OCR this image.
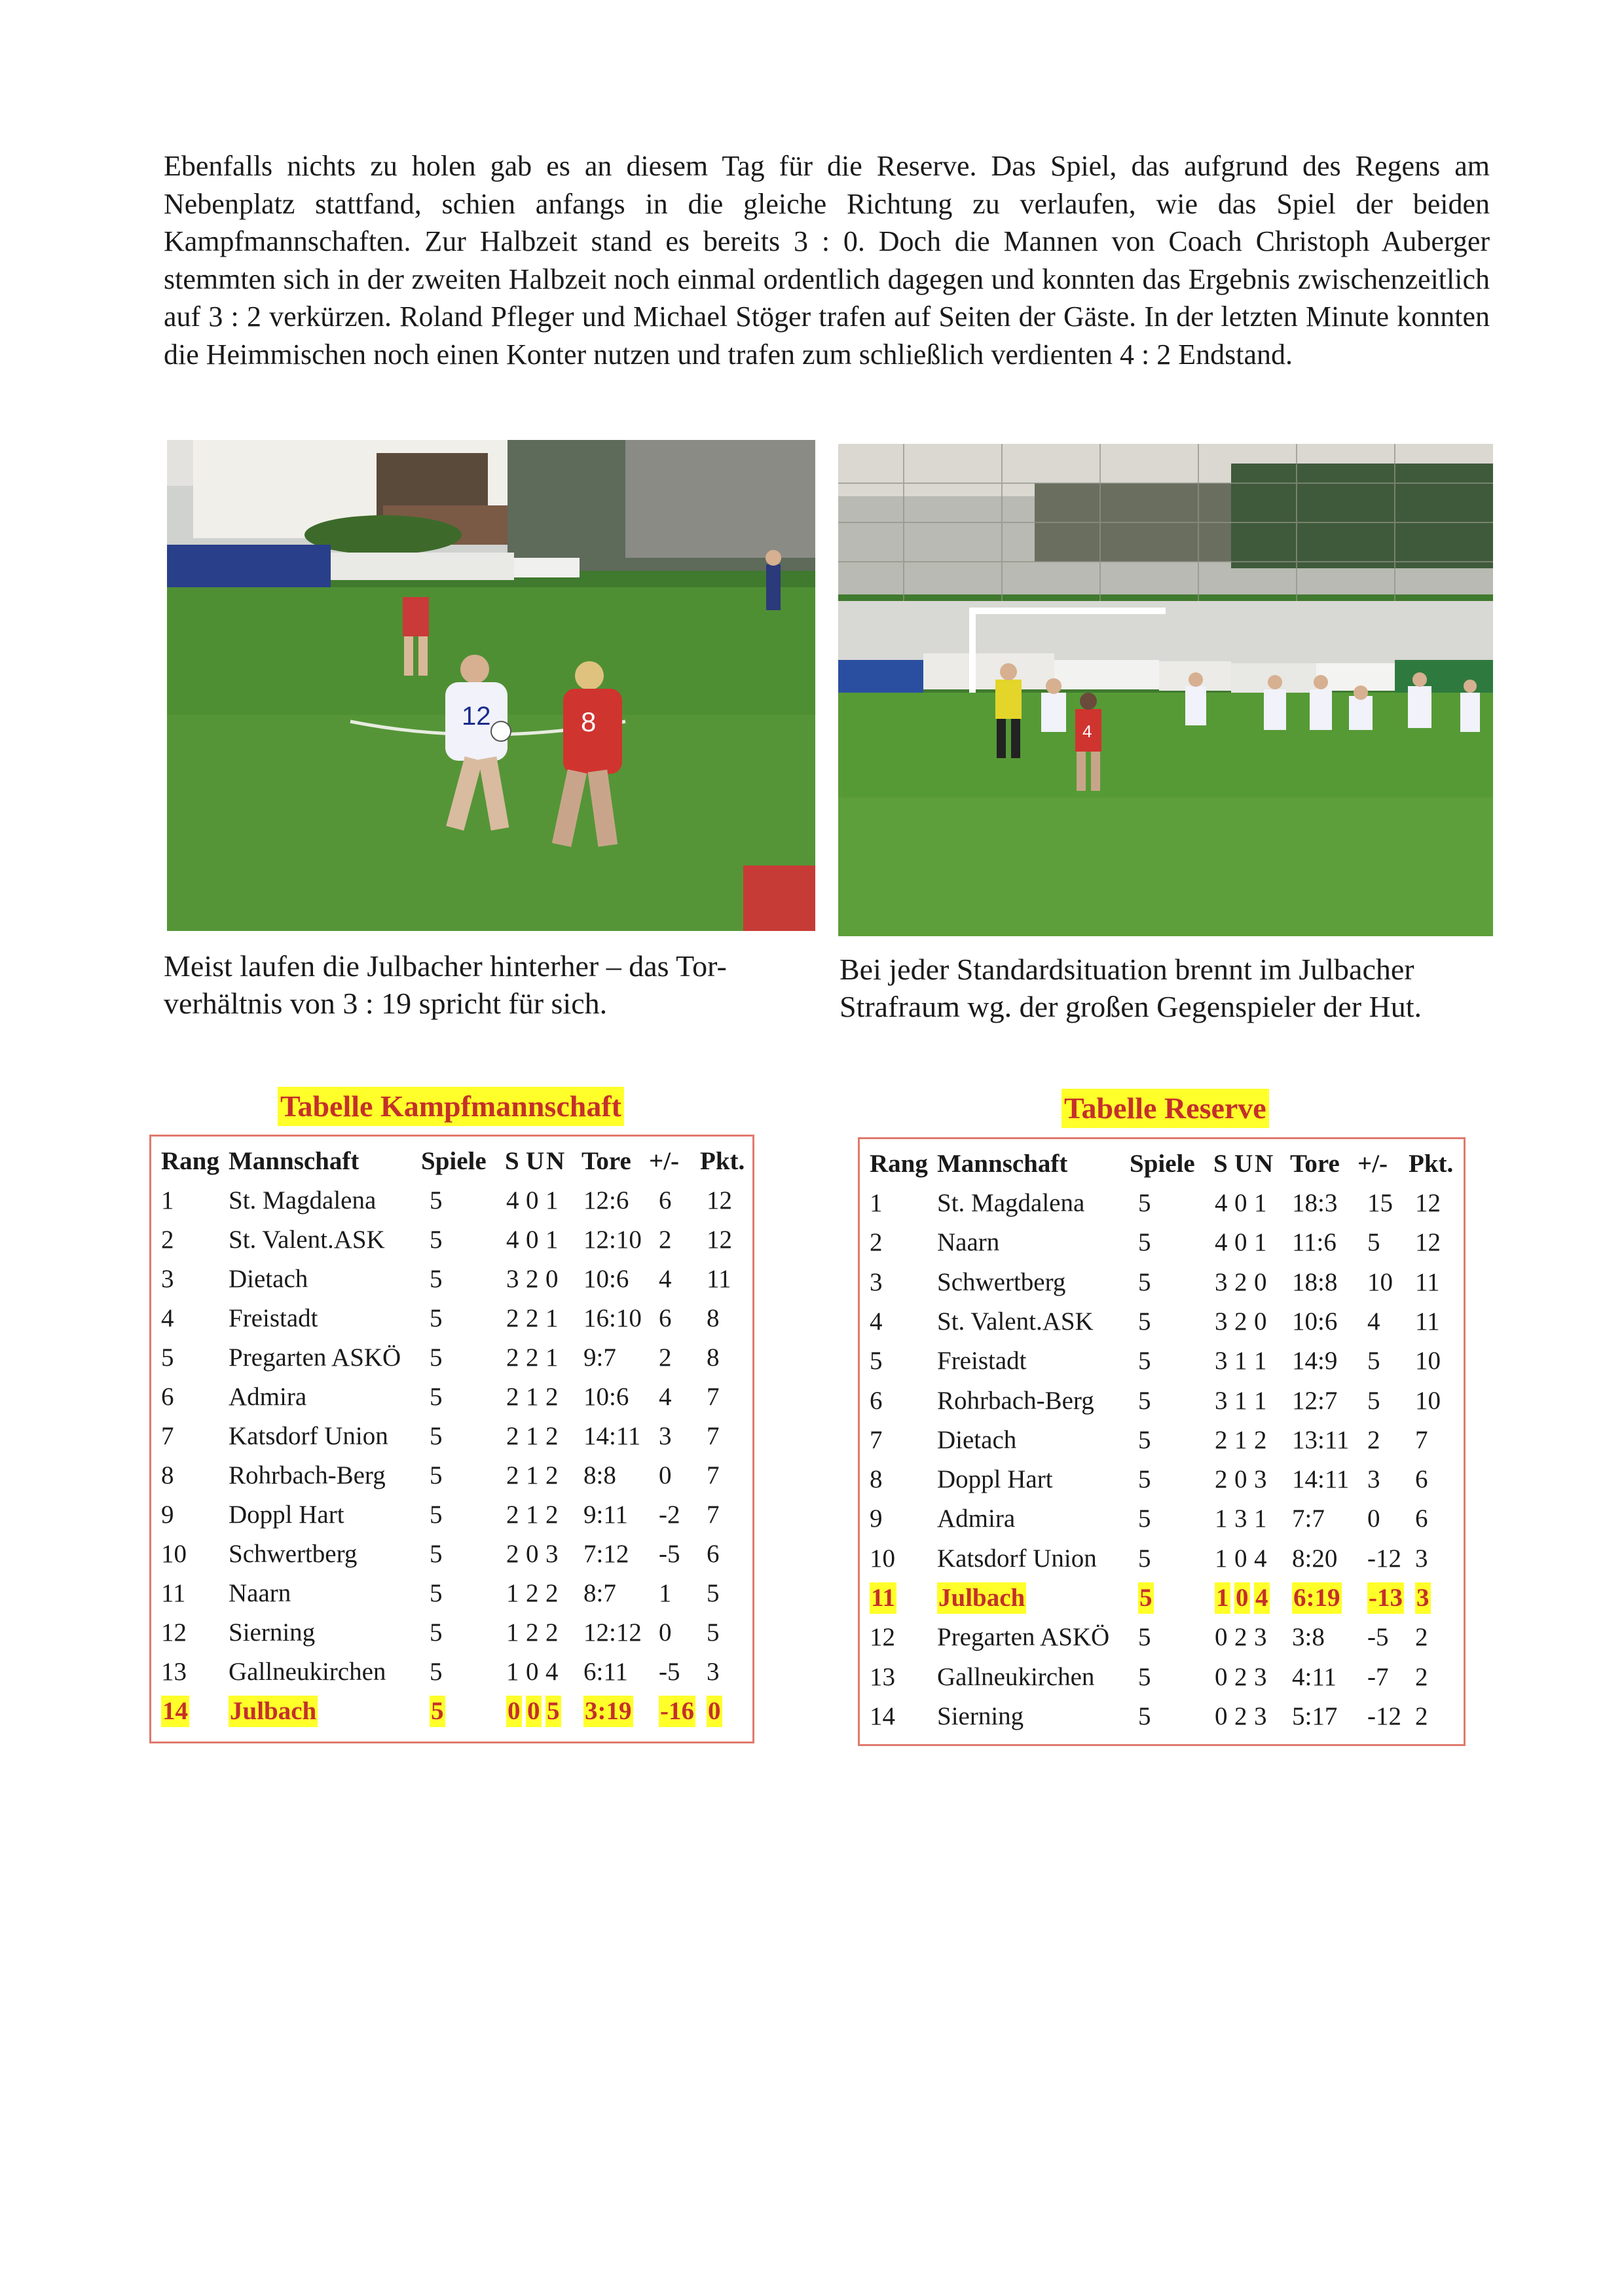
Ebenfalls nichts zu holen gab es an diesem Tag für die Reserve. Das Spiel, das aufgrund des Regens am Nebenplatz stattfand, schien anfangs in die gleiche Richtung zu verlaufen, wie das Spiel der beiden Kampfmannschaften. Zur Halbzeit stand es bereits 3 : 0. Doch die Mannen von Coach Christoph Auberger stemmten sich in der zweiten Halbzeit noch einmal ordentlich dagegen und konnten das Ergebnis zwischenzeitlich auf 3 : 2 verkürzen. Roland Pfleger und Michael Stöger trafen auf Seiten der Gäste. In der letzten Minute konnten die Heimmischen noch einen Konter nutzen und trafen zum schließlich verdienten 4 : 2 Endstand.

12	8	4

Meist laufen die Julbacher hinterher – das Tor-verhältnis von 3 : 19 spricht für sich.

Bei jeder Standardsituation brennt im Julbacher Strafraum wg. der großen Gegenspieler der Hut.

Tabelle Kampfmannschaft	Tabelle Reserve
Rang Mannschaft Spiele S U N Tore +/- Pkt.
1 St. Magdalena 5	4 0 1 12:6 6 12
2 St. Valent.ASK 5	4 0 1 12:10 2 12
3 Dietach	5	3 2 0 10:6 4 11
4 Freistadt	5	2 2 1 16:10 6 8
5 Pregarten ASKÖ 5	2 2 1 9:7 2 8
6 Admira	5	2 1 2 10:6 4 7
7 Katsdorf Union 5	2 1 2 14:11 3 7
8 Rohrbach-Berg 5	2 1 2 8:8 0 7
9 Doppl Hart	5	2 1 2 9:11 -2 7
10 Schwertberg	5	2 0 3 7:12 -5 6
11 Naarn	5	1 2 2 8:7 1 5
12 Sierning	5	1 2 2 12:12 0 5
13 Gallneukirchen 5	1 0 4 6:11 -5 3
14 Julbach	5	0 0 5 3:19 -16 0
Rang Mannschaft Spiele S U N Tore +/- Pkt.
1 St. Magdalena 5	4 0 1 18:3 15 12
2 Naarn	5	4 0 1 11:6 5 12
3 Schwertberg	5	3 2 0 18:8 10 11
4 St. Valent.ASK 5	3 2 0 10:6 4 11
5 Freistadt	5	3 1 1 14:9 5 10
6 Rohrbach-Berg 5	3 1 1 12:7 5 10
7 Dietach	5	2 1 2 13:11 2 7
8 Doppl Hart	5	2 0 3 14:11 3 6
9 Admira	5	1 3 1 7:7 0 6
10 Katsdorf Union 5	1 0 4 8:20 -12 3
11 Julbach	5	1 0 4 6:19 -13 3
12 Pregarten ASKÖ 5	0 2 3 3:8 -5 2
13 Gallneukirchen 5	0 2 3 4:11 -7 2
14 Sierning	5	0 2 3 5:17 -12 2
